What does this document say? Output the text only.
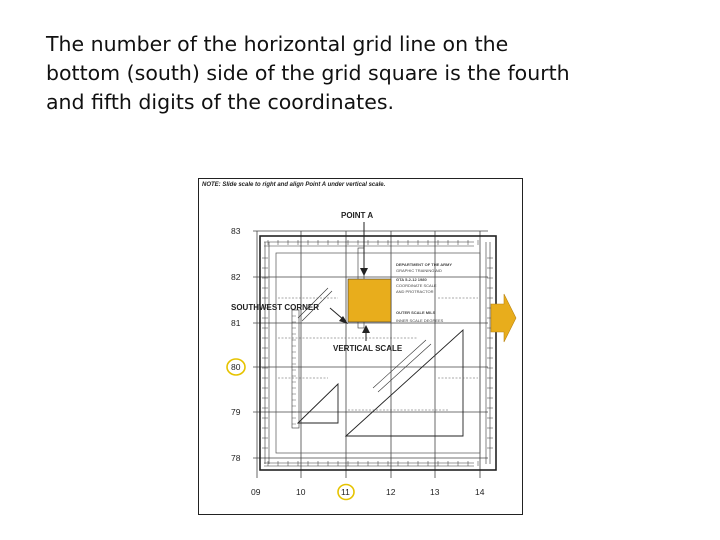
The number of the horizontal grid line on the
bottom (south) side of the grid square is the fourth
and fifth digits of the coordinates.

NOTE: Slide scale to right and align Point A under vertical scale.
DEPARTMENT OF THE ARMY
GRAPHIC TRAINING AID
GTA 5-2-12 1980
COORDINATE SCALE
AND PROTRACTOR
OUTER SCALE MILS
INNER SCALE DEGREES
POINT A
SOUTHWEST CORNER
VERTICAL SCALE
83
82
81
80
79
78
09	10	11	12	13	14
